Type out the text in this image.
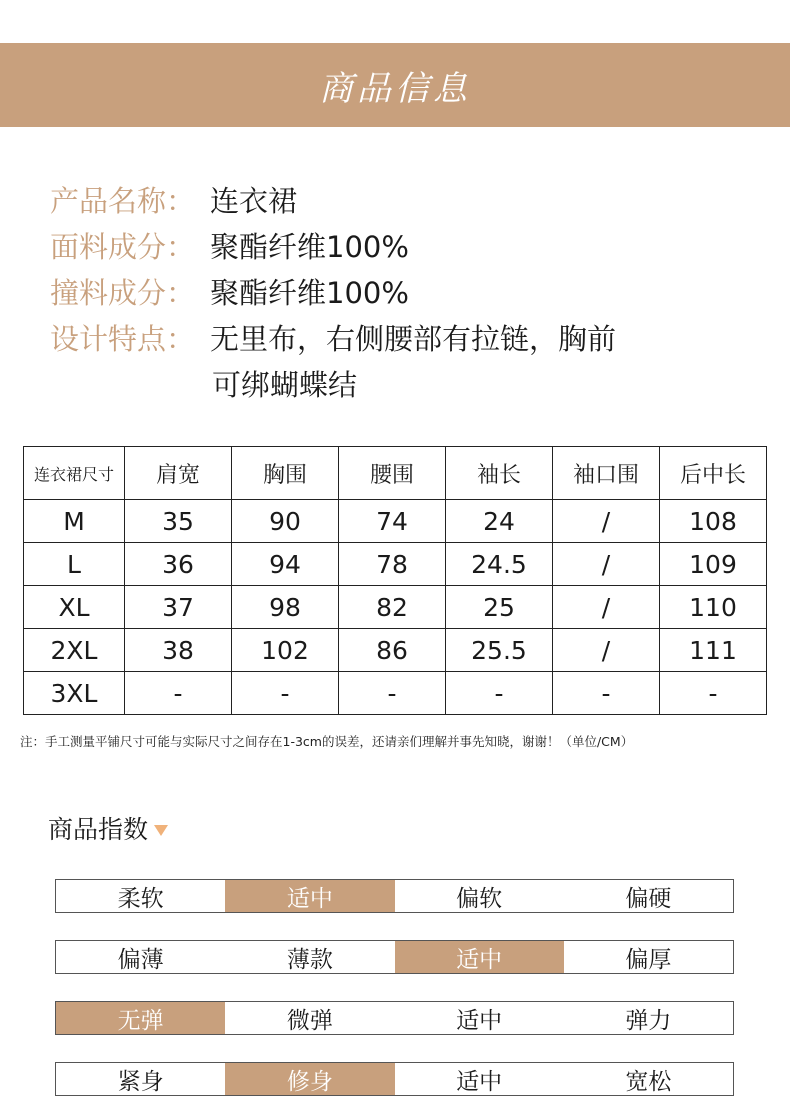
商品信息
产品名称： 连衣裙
面料成分： 聚酯纤维100%
撞料成分： 聚酯纤维100%
设计特点： 无里布，右侧腰部有拉链，胸前
可绑蝴蝶结
连衣裙尺寸	肩宽	胸围	腰围	袖长	袖口围	后中长
M	35	90	74	24	/	108
L	36	94	78	24.5	/	109
XL	37	98	82	25	/	110
2XL	38	102	86	25.5	/	111
3XL	-	-	-	-	-	-
注：手工测量平铺尺寸可能与实际尺寸之间存在1-3cm的误差，还请亲们理解并事先知晓，谢谢！（单位/CM）
商品指数
柔软	适中	偏软	偏硬
偏薄	薄款	适中	偏厚
无弹	微弹	适中	弹力
紧身	修身	适中	宽松
